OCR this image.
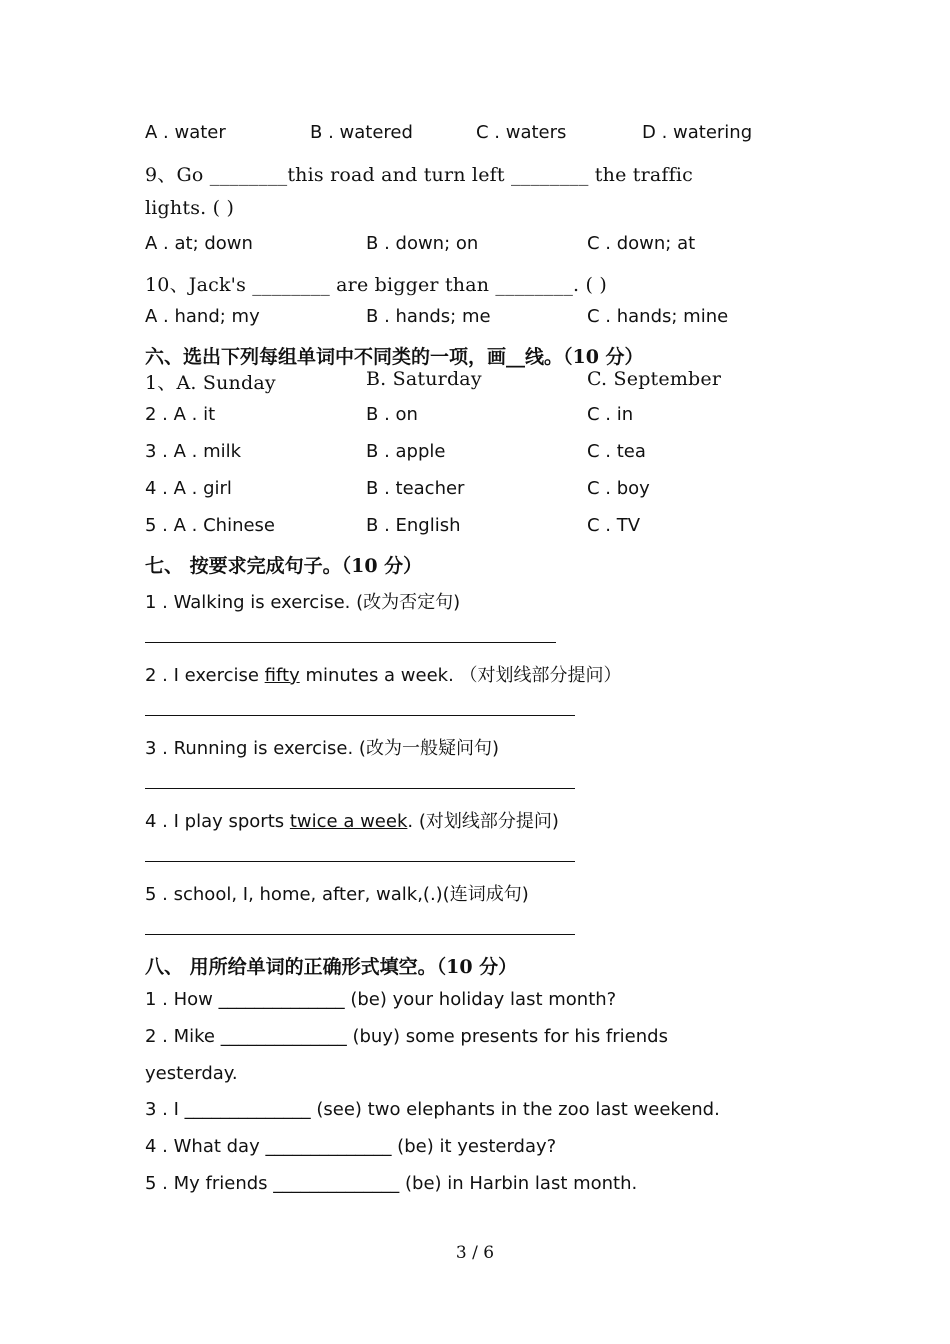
A . water	B . watered	C . waters	D . watering
9、Go ________this road and turn left ________ the traffic
lights. ( )
A . at; down	B . down; on	C . down; at
10、Jack's ________ are bigger than ________. ( )
A . hand; my	B . hands; me	C . hands; mine
六、选出下列每组单词中不同类的一项，画__线。（10 分）
1、A. Sunday	B. Saturday	C. September
2 . A . it	B . on	C . in
3 . A . milk	B . apple	C . tea
4 . A . girl	B . teacher	C . boy
5 . A . Chinese	B . English	C . TV
七、 按要求完成句子。（10 分）
1 . Walking is exercise. (改为否定句)
2 . I exercise fifty minutes a week. （对划线部分提问）
3 . Running is exercise. (改为一般疑问句)
4 . I play sports twice a week. (对划线部分提问)
5 . school, I, home, after, walk,(.)(连词成句)
八、 用所给单词的正确形式填空。（10 分）
1 . How ______________ (be) your holiday last month?
2 . Mike ______________ (buy) some presents for his friends
yesterday.
3 . I ______________ (see) two elephants in the zoo last weekend.
4 . What day ______________ (be) it yesterday?
5 . My friends ______________ (be) in Harbin last month.
3 / 6
